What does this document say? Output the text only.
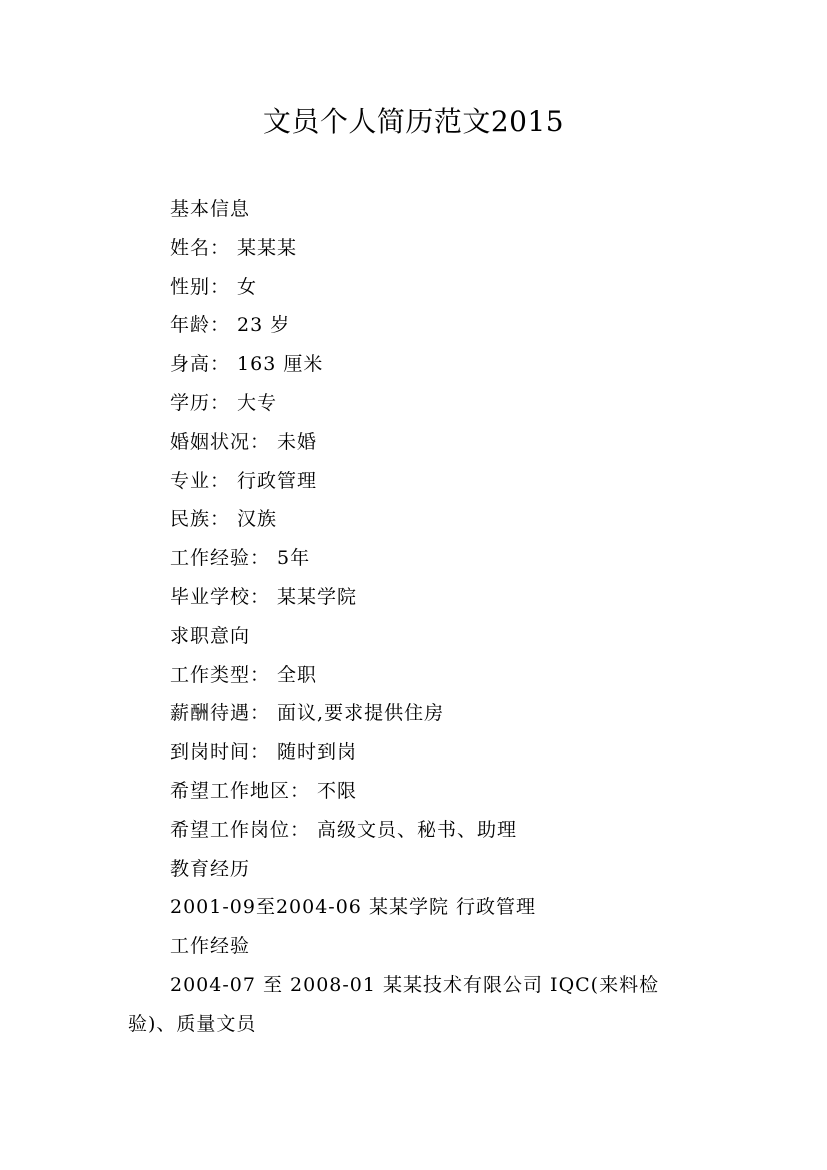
文员个人简历范文2015
基本信息
姓名： 某某某
性别： 女
年龄： 23 岁
身高： 163 厘米
学历： 大专
婚姻状况： 未婚
专业： 行政管理
民族： 汉族
工作经验： 5年
毕业学校： 某某学院
求职意向
工作类型： 全职
薪酬待遇： 面议,要求提供住房
到岗时间： 随时到岗
希望工作地区： 不限
希望工作岗位： 高级文员、秘书、助理
教育经历
2001-09至2004-06 某某学院 行政管理
工作经验
2004-07 至 2008-01 某某技术有限公司 IQC(来料检
验)、质量文员
